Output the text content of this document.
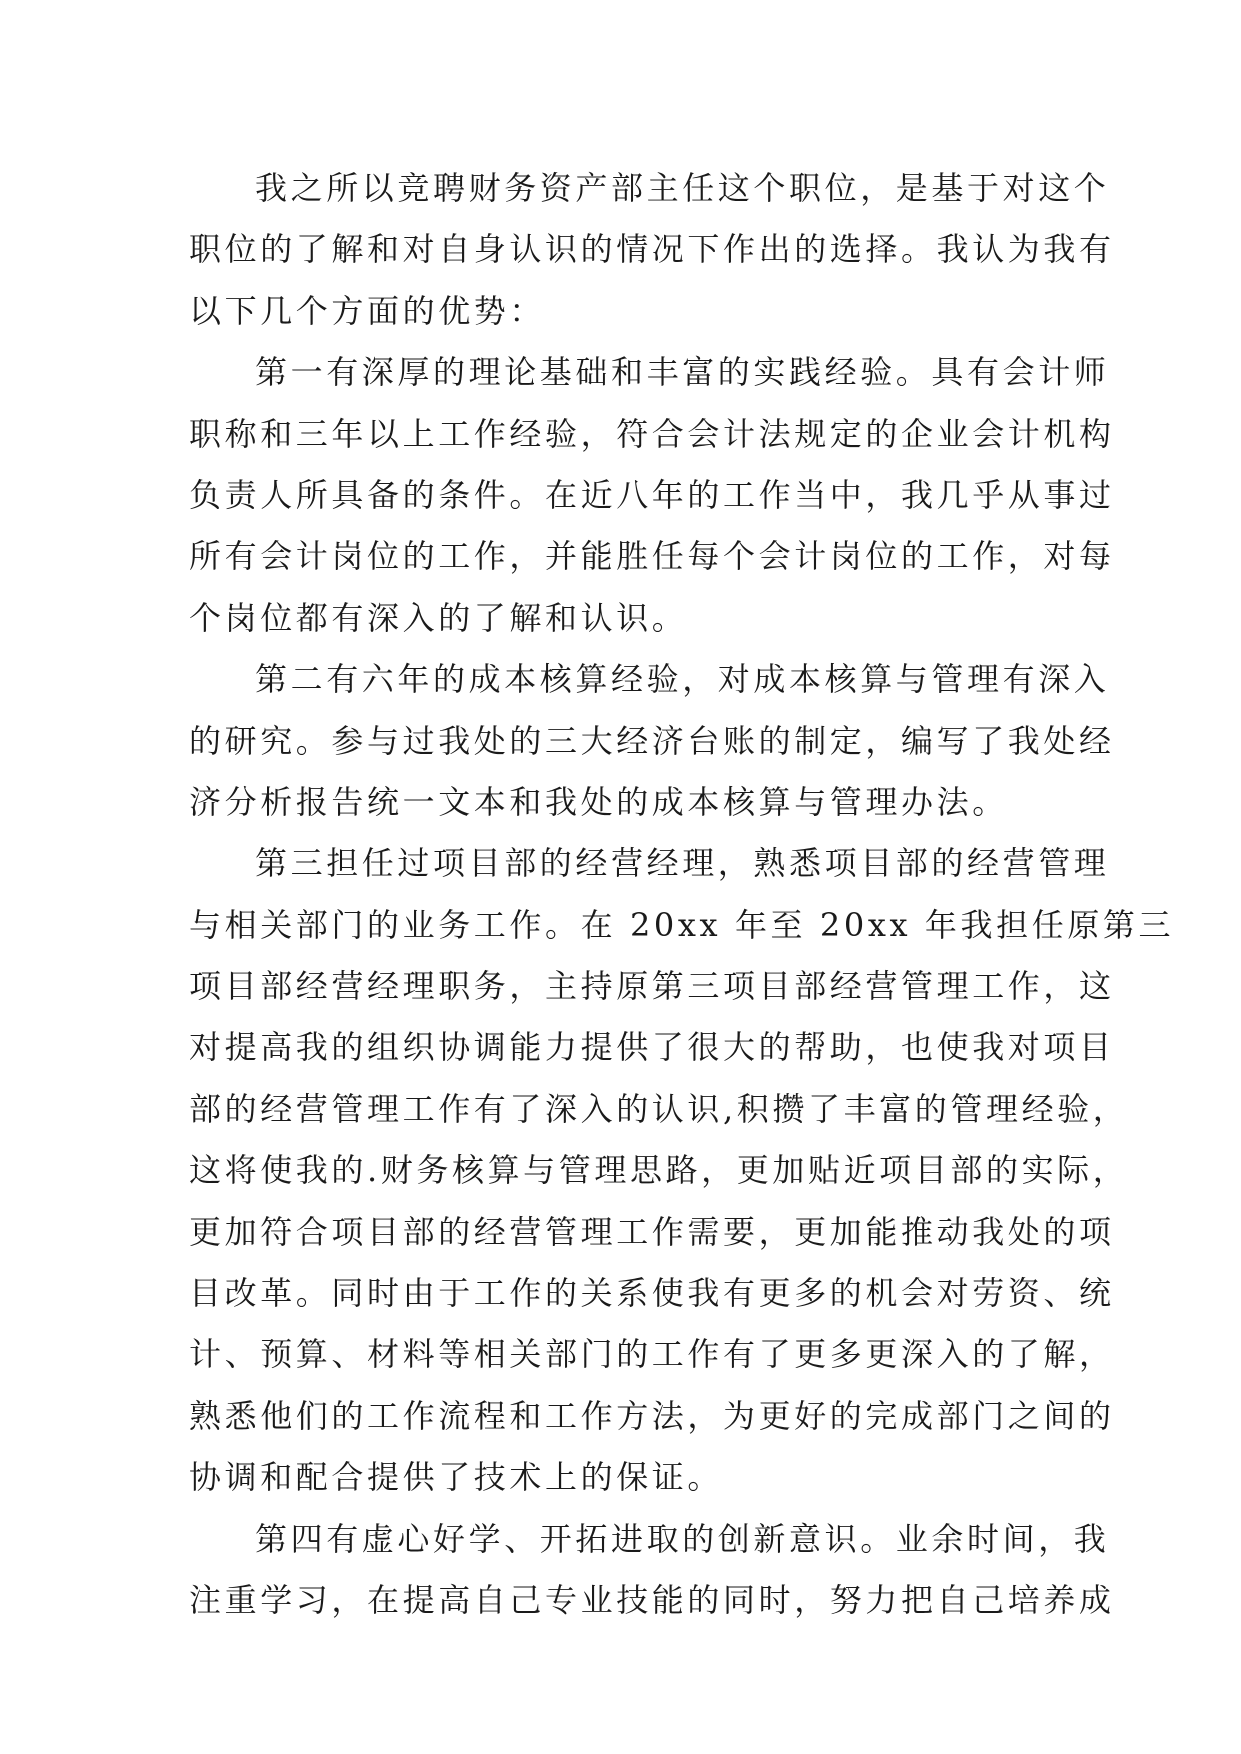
我之所以竞聘财务资产部主任这个职位，是基于对这个
职位的了解和对自身认识的情况下作出的选择。我认为我有
以下几个方面的优势：
第一有深厚的理论基础和丰富的实践经验。具有会计师
职称和三年以上工作经验，符合会计法规定的企业会计机构
负责人所具备的条件。在近八年的工作当中，我几乎从事过
所有会计岗位的工作，并能胜任每个会计岗位的工作，对每
个岗位都有深入的了解和认识。
第二有六年的成本核算经验，对成本核算与管理有深入
的研究。参与过我处的三大经济台账的制定，编写了我处经
济分析报告统一文本和我处的成本核算与管理办法。
第三担任过项目部的经营经理，熟悉项目部的经营管理
与相关部门的业务工作。在 20xx 年至 20xx 年我担任原第三
项目部经营经理职务，主持原第三项目部经营管理工作，这
对提高我的组织协调能力提供了很大的帮助，也使我对项目
部的经营管理工作有了深入的认识,积攒了丰富的管理经验，
这将使我的.财务核算与管理思路，更加贴近项目部的实际，
更加符合项目部的经营管理工作需要，更加能推动我处的项
目改革。同时由于工作的关系使我有更多的机会对劳资、统
计、预算、材料等相关部门的工作有了更多更深入的了解，
熟悉他们的工作流程和工作方法，为更好的完成部门之间的
协调和配合提供了技术上的保证。
第四有虚心好学、开拓进取的创新意识。业余时间，我
注重学习，在提高自己专业技能的同时，努力把自己培养成
